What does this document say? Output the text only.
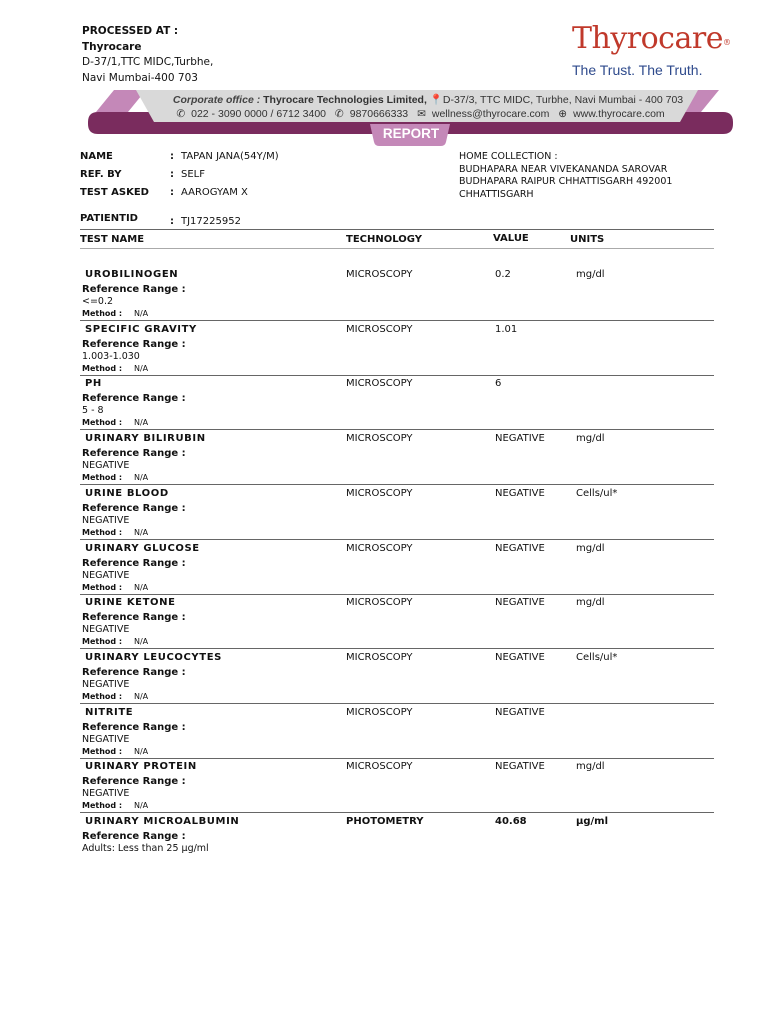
PROCESSED AT :
Thyrocare
D-37/1,TTC MIDC,Turbhe,
Navi Mumbai-400 703
Thyrocare®
The Trust. The Truth.
Corporate office : Thyrocare Technologies Limited, 📍D-37/3, TTC MIDC, Turbhe, Navi Mumbai - 400 703
✆ 022 - 3090 0000 / 6712 3400 ✆ 9870666333 ✉ wellness@thyrocare.com ⊕ www.thyrocare.com
REPORT
NAME	: TAPAN JANA(54Y/M)
REF. BY	: SELF
TEST ASKED : AAROGYAM X
PATIENTID	: TJ17225952
HOME COLLECTION :
BUDHAPARA NEAR VIVEKANANDA SAROVAR
BUDHAPARA RAIPUR CHHATTISGARH 492001
CHHATTISGARH
TEST NAME	TECHNOLOGY	VALUE	UNITS
UROBILINOGEN	MICROSCOPY	0.2	mg/dl
Reference Range :
<=0.2
Method : N/A
SPECIFIC GRAVITY	MICROSCOPY	1.01
Reference Range :
1.003-1.030
Method : N/A
PH	MICROSCOPY	6
Reference Range :
5 - 8
Method : N/A
URINARY BILIRUBIN	MICROSCOPY	NEGATIVE	mg/dl
Reference Range :
NEGATIVE
Method : N/A
URINE BLOOD	MICROSCOPY	NEGATIVE	Cells/ul*
Reference Range :
NEGATIVE
Method : N/A
URINARY GLUCOSE	MICROSCOPY	NEGATIVE	mg/dl
Reference Range :
NEGATIVE
Method : N/A
URINE KETONE	MICROSCOPY	NEGATIVE	mg/dl
Reference Range :
NEGATIVE
Method : N/A
URINARY LEUCOCYTES	MICROSCOPY	NEGATIVE	Cells/ul*
Reference Range :
NEGATIVE
Method : N/A
NITRITE	MICROSCOPY	NEGATIVE
Reference Range :
NEGATIVE
Method : N/A
URINARY PROTEIN	MICROSCOPY	NEGATIVE	mg/dl
Reference Range :
NEGATIVE
Method : N/A
URINARY MICROALBUMIN	PHOTOMETRY	40.68	µg/ml
Reference Range :
Adults: Less than 25 µg/ml
